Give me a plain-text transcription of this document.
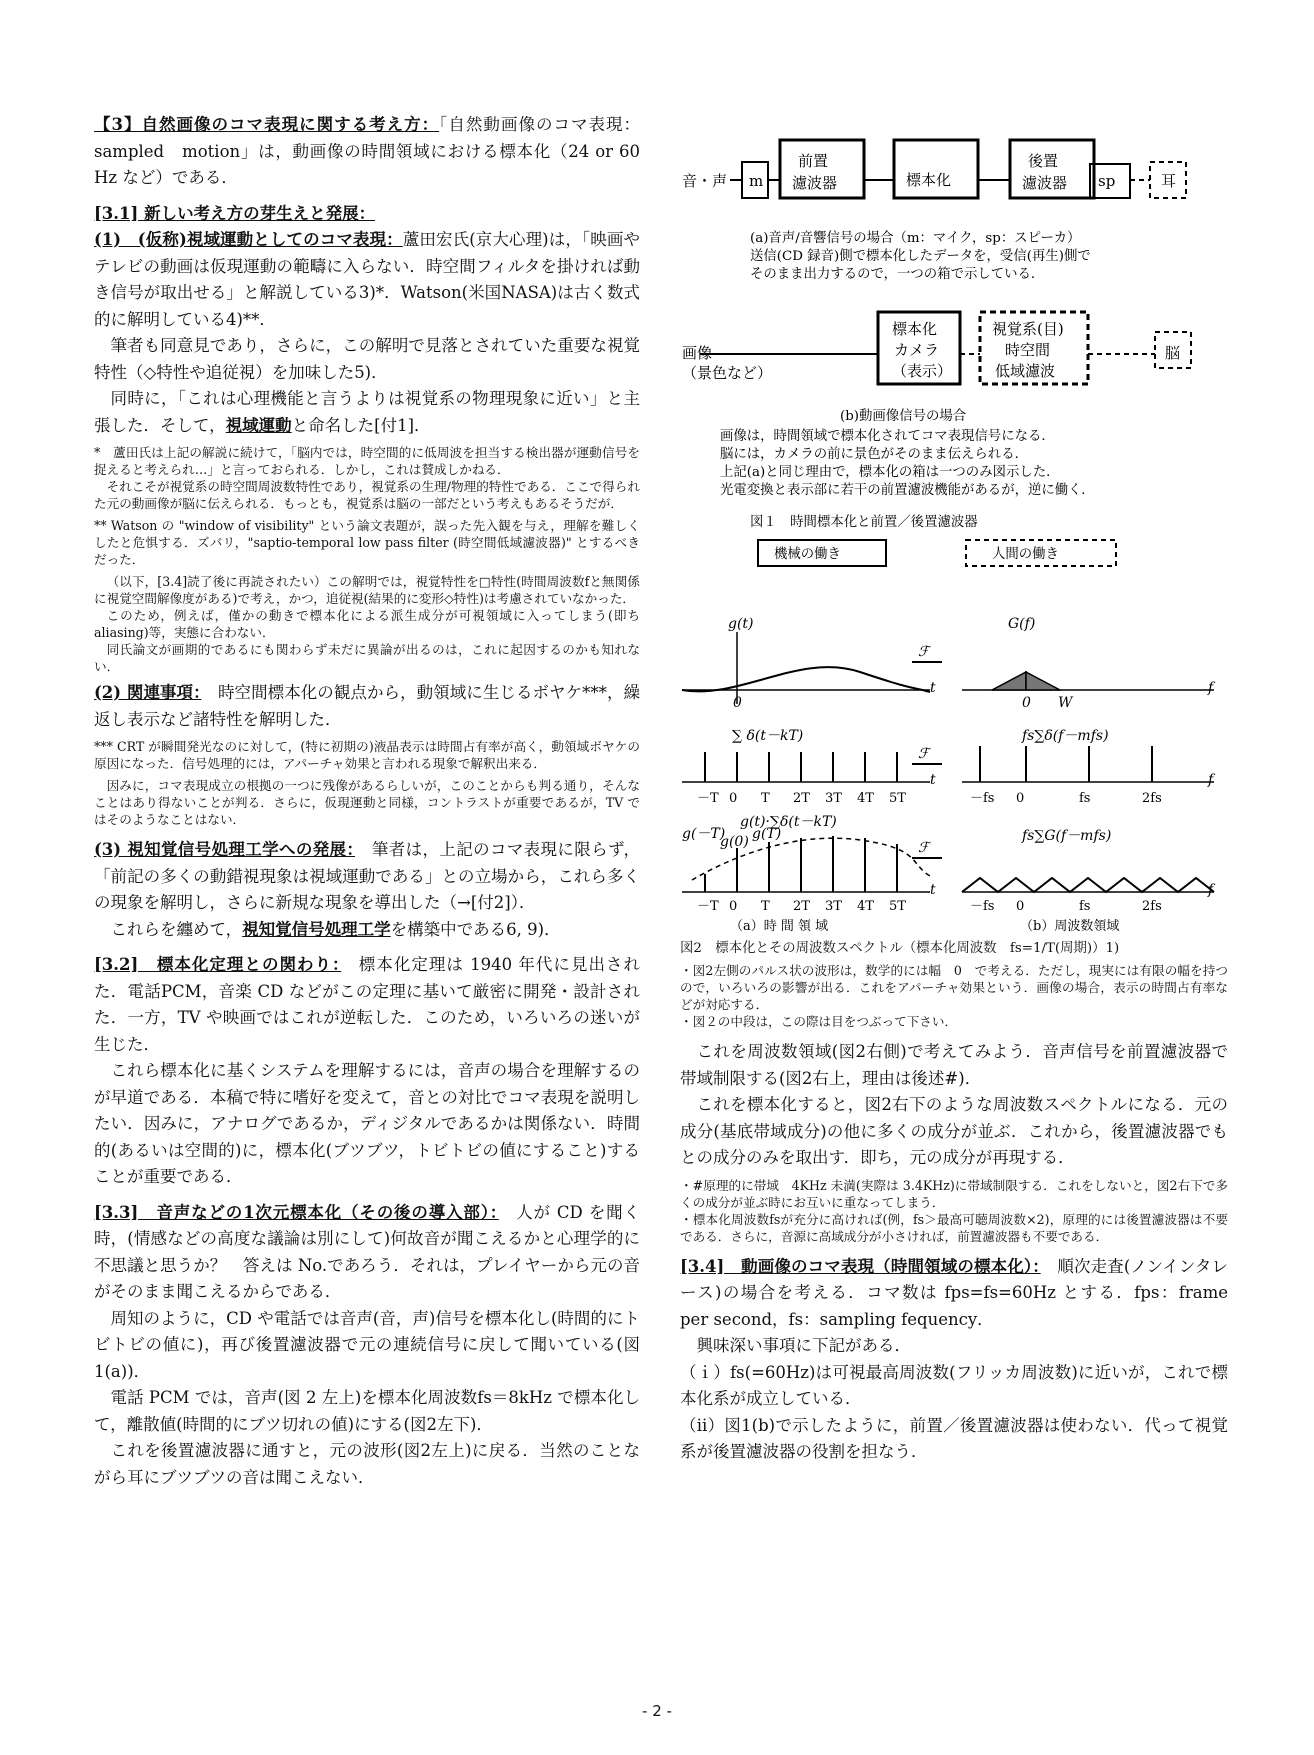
【3】自然画像のコマ表現に関する考え方：「自然動画像のコマ表現：sampled　motion」は，動画像の時間領域における標本化（24 or 60 Hz など）である．

[3.1] 新しい考え方の芽生えと発展：

(1)　(仮称)視域運動としてのコマ表現：蘆田宏氏(京大心理)は，「映画やテレビの動画は仮現運動の範疇に入らない．時空間フィルタを掛ければ動き信号が取出せる」と解説している3)*．Watson(米国NASA)は古く数式的に解明している4)**．

筆者も同意見であり，さらに，この解明で見落とされていた重要な視覚特性（◇特性や追従視）を加味した5)．

同時に，「これは心理機能と言うよりは視覚系の物理現象に近い」と主張した．そして，視域運動と命名した[付1]．

*　蘆田氏は上記の解説に続けて，「脳内では，時空間的に低周波を担当する検出器が運動信号を捉えると考えられ…」と言っておられる．しかし，これは賛成しかねる．

それこそが視覚系の時空間周波数特性であり，視覚系の生理/物理的特性である．ここで得られた元の動画像が脳に伝えられる．もっとも，視覚系は脳の一部だという考えもあるそうだが．

** Watson の "window of visibility" という論文表題が，誤った先入観を与え，理解を難しくしたと危惧する．ズバリ，"saptio-temporal low pass filter (時空間低域濾波器)" とするべきだった．

（以下，[3.4]読了後に再読されたい）この解明では，視覚特性を□特性(時間周波数fと無関係に視覚空間解像度がある)で考え，かつ，追従視(結果的に変形◇特性)は考慮されていなかった．

このため，例えば，僅かの動きで標本化による派生成分が可視領域に入ってしまう(即ち aliasing)等，実態に合わない．

同氏論文が画期的であるにも関わらず未だに異論が出るのは，これに起因するのかも知れない．

(2) 関連事項：　 時空間標本化の観点から，動領域に生じるボヤケ***，繰返し表示など諸特性を解明した．

*** CRT が瞬間発光なのに対して，(特に初期の)液晶表示は時間占有率が高く，動領域ボヤケの原因になった．信号処理的には，アパーチャ効果と言われる現象で解釈出来る．

因みに，コマ表現成立の根拠の一つに残像があるらしいが，このことからも判る通り，そんなことはあり得ないことが判る．さらに，仮現運動と同様，コントラストが重要であるが，TV ではそのようなことはない．

(3) 視知覚信号処理工学への発展：　 筆者は，上記のコマ表現に限らず，「前記の多くの動錯視現象は視域運動である」との立場から，これら多くの現象を解明し，さらに新規な現象を導出した（→[付2]）．

これらを纏めて，視知覚信号処理工学を構築中である6, 9)．

[3.2]　標本化定理との関わり：　 標本化定理は 1940 年代に見出された．電話PCM，音楽 CD などがこの定理に基いて厳密に開発・設計された．一方，TV や映画ではこれが逆転した．このため，いろいろの迷いが生じた．

これら標本化に基くシステムを理解するには，音声の場合を理解するのが早道である．本稿で特に嗜好を変えて，音との対比でコマ表現を説明したい．因みに，アナログであるか，ディジタルであるかは関係ない．時間的(あるいは空間的)に，標本化(ブツブツ，トビトビの値にすること)することが重要である．

[3.3]　音声などの1次元標本化（その後の導入部）：　 人が CD を聞く時，(情感などの高度な議論は別にして)何故音が聞こえるかと心理学的に不思議と思うか？　答えは No.であろう．それは，プレイヤーから元の音がそのまま聞こえるからである．

周知のように，CD や電話では音声(音，声)信号を標本化し(時間的にトビトビの値に)，再び後置濾波器で元の連続信号に戻して聞いている(図1(a))．

電話 PCM では，音声(図 2 左上)を標本化周波数fs＝8kHz で標本化して，離散値(時間的にブツ切れの値)にする(図2左下)．

これを後置濾波器に通すと，元の波形(図2左上)に戻る．当然のことながら耳にブツブツの音は聞こえない．

音・声 m
前置
濾波器	標本化
後置
濾波器 sp	耳
画像
（景色など）
標本化
カメラ
（表示）
視覚系(目)
時空間
低域濾波
脳
(a)音声/音響信号の場合（m：マイク，sp：スピーカ）
送信(CD 録音)側で標本化したデータを，受信(再生)側で
そのまま出力するので，一つの箱で示している．
(b)動画像信号の場合
画像は，時間領域で標本化されてコマ表現信号になる．
脳には，カメラの前に景色がそのまま伝えられる．
上記(a)と同じ理由で，標本化の箱は一つのみ図示した．
光電変換と表示部に若干の前置濾波機能があるが，逆に働く．
図１　時間標本化と前置／後置濾波器
機械の働き	人間の働き
g(t)	G(f)
∑ δ(t－kT)	fs∑δ(f－mfs)
g(t)·∑δ(t－kT)
fs∑G(f－mfs)
t
t
t
f
f
f
0	0 W
g(－T)
g(0) g(T)
ℱ
ℱ
ℱ
－T
－T
0
0
T
T
2T
2T
3T
3T
4T
4T
5T
5T
－fs
－fs
0
0
fs
fs
2fs
2fs
（a）時 間 領 域	（b）周波数領域

図2　標本化とその周波数スペクトル（標本化周波数　fs=1/T(周期)）1)

・図2左側のパルス状の波形は，数学的には幅　0　で考える．ただし，現実には有限の幅を持つので，いろいろの影響が出る．これをアパーチャ効果という．画像の場合，表示の時間占有率などが対応する．

・図２の中段は，この際は目をつぶって下さい．

これを周波数領域(図2右側)で考えてみよう．音声信号を前置濾波器で帯域制限する(図2右上，理由は後述#)．

これを標本化すると，図2右下のような周波数スペクトルになる．元の成分(基底帯域成分)の他に多くの成分が並ぶ．これから，後置濾波器でもとの成分のみを取出す．即ち，元の成分が再現する．

・#原理的に帯域　4KHz 未満(実際は 3.4KHz)に帯域制限する．これをしないと，図2右下で多くの成分が並ぶ時にお互いに重なってしまう．

・標本化周波数fsが充分に高ければ(例，fs＞最高可聴周波数×2)，原理的には後置濾波器は不要である．さらに，音源に高域成分が小さければ，前置濾波器も不要である．

[3.4]　動画像のコマ表現（時間領域の標本化）：　 順次走査(ノンインタレース)の場合を考える．コマ数は fps=fs=60Hz とする．fps：frame per second，fs：sampling fequency．

興味深い事項に下記がある．

（ｉ）fs(=60Hz)は可視最高周波数(フリッカ周波数)に近いが，これで標本化系が成立している．

（ⅱ）図1(b)で示したように，前置／後置濾波器は使わない．代って視覚系が後置濾波器の役割を担なう．

- 2 -
